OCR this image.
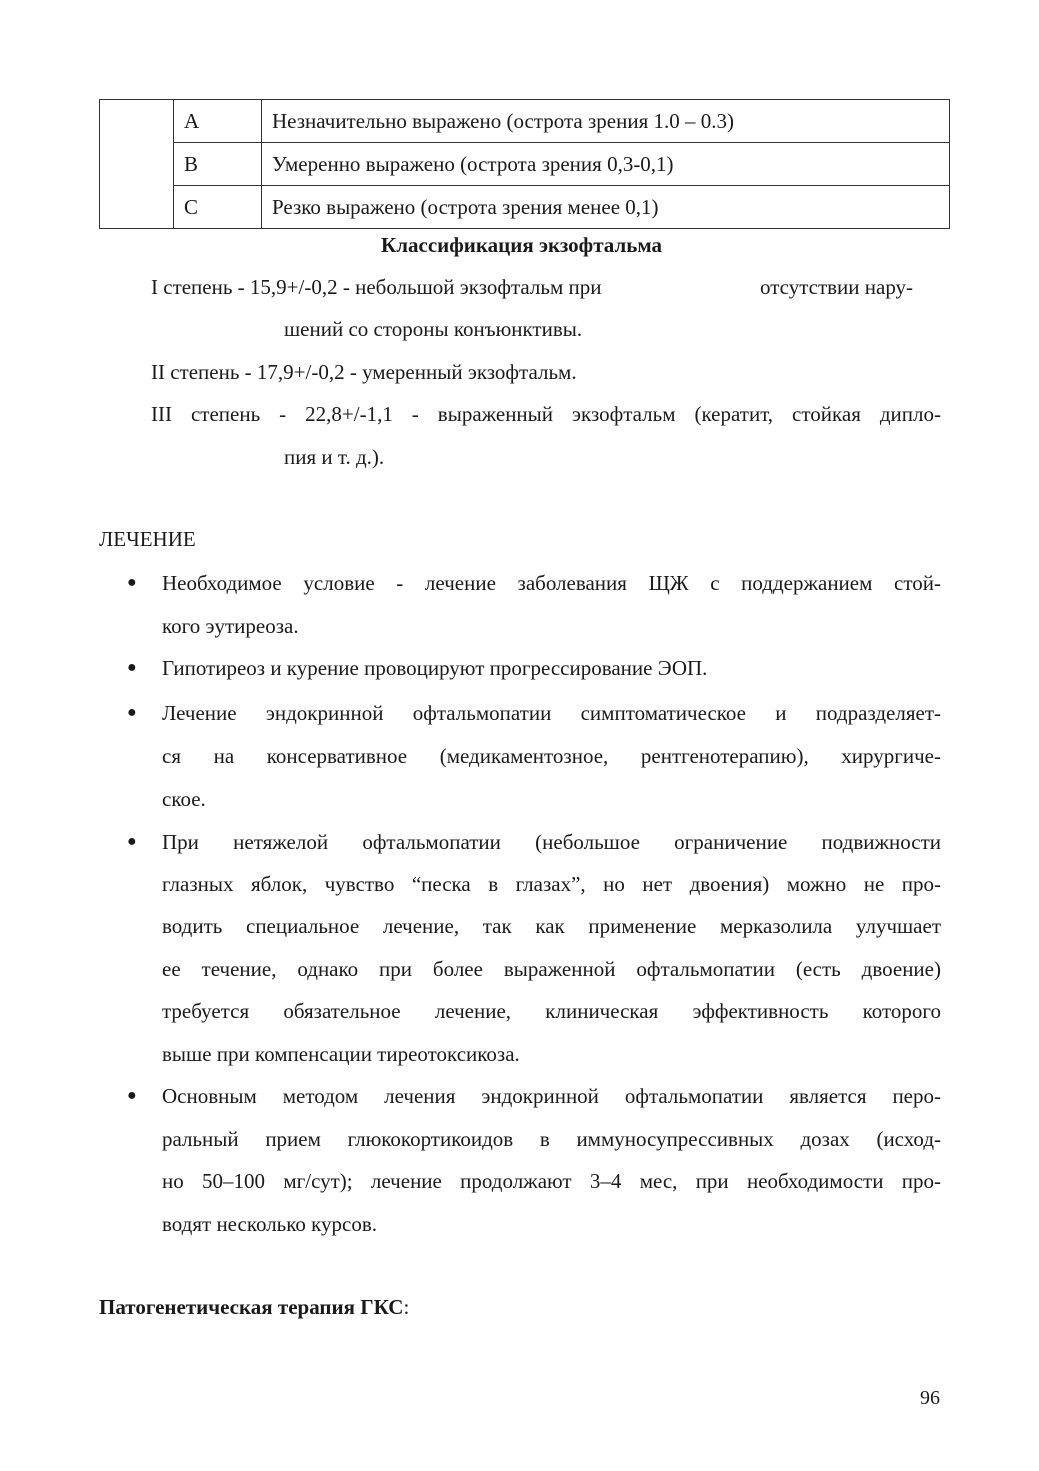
	A	Незначительно выражено (острота зрения 1.0 – 0.3)
	B	Умеренно выражено (острота зрения 0,3-0,1)
	C	Резко выражено (острота зрения менее 0,1)
Классификация экзофтальма
I степень - 15,9+/-0,2 - небольшой экзофтальм при	отсутствии нару-
шений со стороны конъюнктивы.
II степень - 17,9+/-0,2 - умеренный экзофтальм.
III степень - 22,8+/-1,1 - выраженный экзофтальм (кератит, стойкая дипло-
пия и т. д.).
ЛЕЧЕНИЕ
● Необходимое условие - лечение заболевания ЩЖ с поддержанием стой-
кого эутиреоза.
● Гипотиреоз и курение провоцируют прогрессирование ЭОП.
● Лечение эндокринной офтальмопатии симптоматическое и подразделяет-
ся на консервативное (медикаментозное, рентгенотерапию), хирургиче-
ское.
● При нетяжелой офтальмопатии (небольшое ограничение подвижности
глазных яблок, чувство “песка в глазах”, но нет двоения) можно не про-
водить специальное лечение, так как применение мерказолила улучшает
ее течение, однако при более выраженной офтальмопатии (есть двоение)
требуется обязательное лечение, клиническая эффективность которого
выше при компенсации тиреотоксикоза.
● Основным методом лечения эндокринной офтальмопатии является перо-
ральный прием глюкокортикоидов в иммуносупрессивных дозах (исход-
но 50–100 мг/сут); лечение продолжают 3–4 мес, при необходимости про-
водят несколько курсов.
Патогенетическая терапия ГКС:
96
